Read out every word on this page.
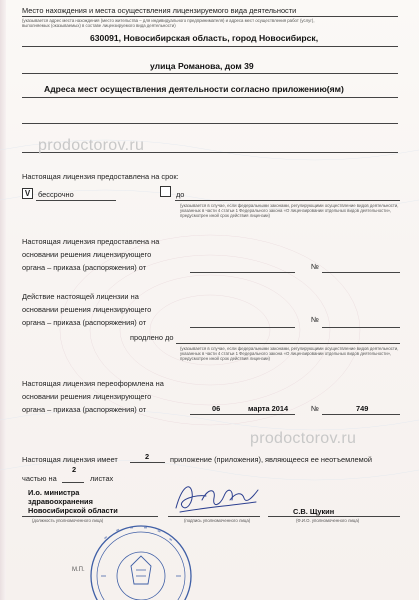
Место нахождения и места осуществления лицензируемого вида деятельности
(указывается адрес места нахождения (место жительства – для индивидуального предпринимателя) и адреса мест осуществления работ (услуг),
выполняемых (оказываемых) в составе лицензируемого вида деятельности)
630091, Новосибирская область, город Новосибирск,
улица Романова, дом 39
Адреса мест осуществления деятельности согласно приложению(ям)
prodoctorov.ru
Настоящая лицензия предоставлена на срок:
V	бессрочно	до
(указывается в случае, если федеральными законами, регулирующими осуществление видов деятельности,
указанных в части 4 статьи 1 Федерального закона «О лицензировании отдельных видов деятельности»,
предусмотрен иной срок действия лицензии)
Настоящая лицензия предоставлена на
основании решения лицензирующего
органа – приказа (распоряжения) от	№
Действие настоящей лицензии на
основании решения лицензирующего
органа – приказа (распоряжения) от	№
продлено до
(указывается в случае, если федеральными законами, регулирующими осуществление видов деятельности,
указанных в части 4 статьи 1 Федерального закона «О лицензировании отдельных видов деятельности»,
предусмотрен иной срок действия лицензии)
Настоящая лицензия переоформлена на
основании решения лицензирующего
органа – приказа (распоряжения) от	06	марта 2014	№	749
prodoctorov.ru
Настоящая лицензия имеет	2	приложение (приложения), являющееся ее неотъемлемой
частью на
2
листах
И.о. министра
здравоохранения
Новосибирской области
(должность уполномоченного лица)	(подпись уполномоченного лица)
С.В. Щукин
(Ф.И.О. уполномоченного лица)
М.П.
